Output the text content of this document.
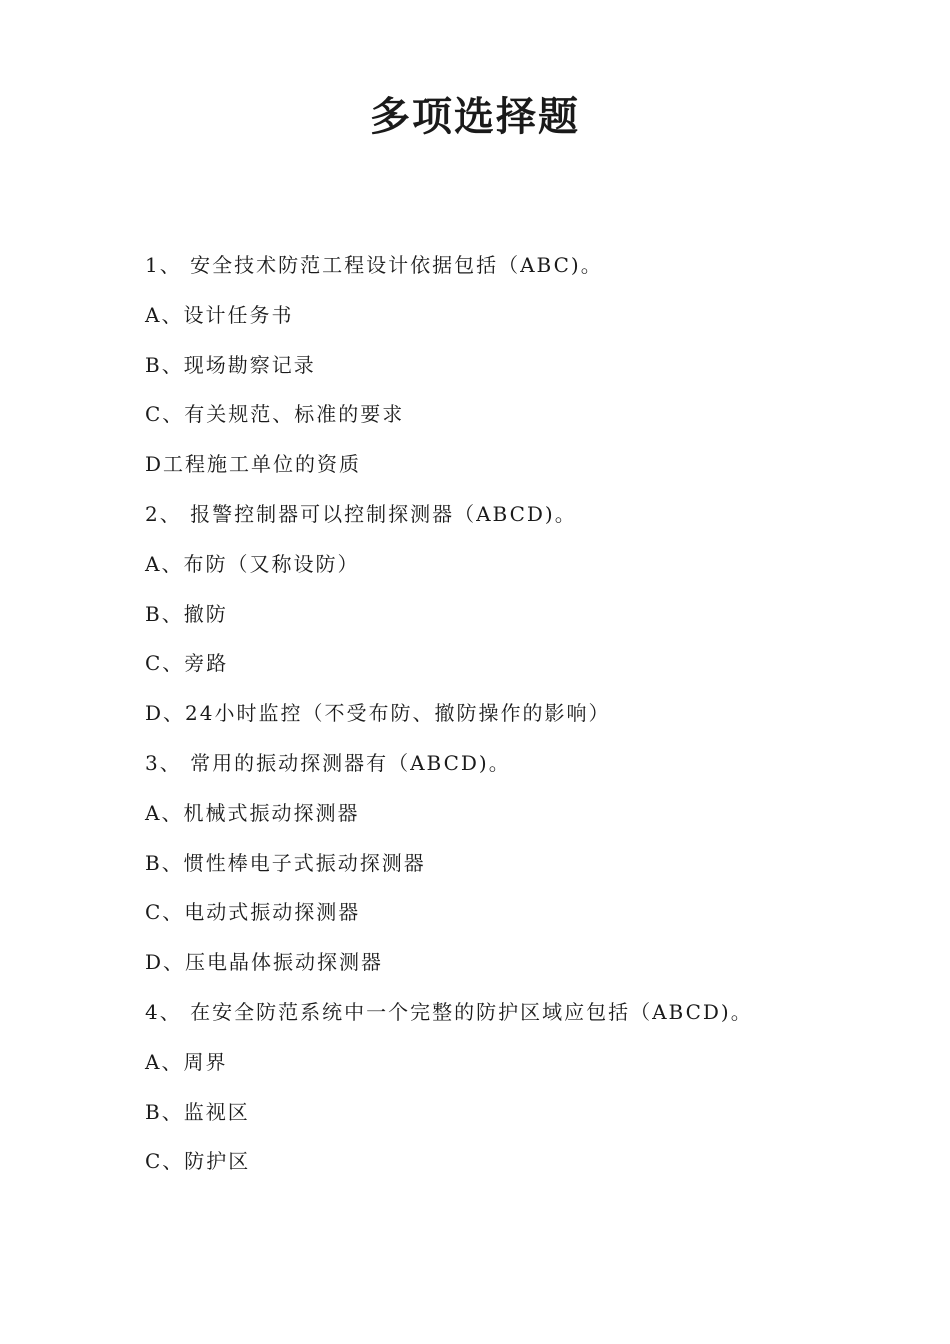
多项选择题
1、 安全技术防范工程设计依据包括（ABC)。
A、设计任务书
B、现场勘察记录
C、有关规范、标准的要求
D工程施工单位的资质
2、 报警控制器可以控制探测器（ABCD)。
A、布防（又称设防）
B、撤防
C、旁路
D、24小时监控（不受布防、撤防操作的影响）
3、 常用的振动探测器有（ABCD)。
A、机械式振动探测器
B、惯性棒电子式振动探测器
C、电动式振动探测器
D、压电晶体振动探测器
4、 在安全防范系统中一个完整的防护区域应包括（ABCD)。
A、周界
B、监视区
C、防护区
